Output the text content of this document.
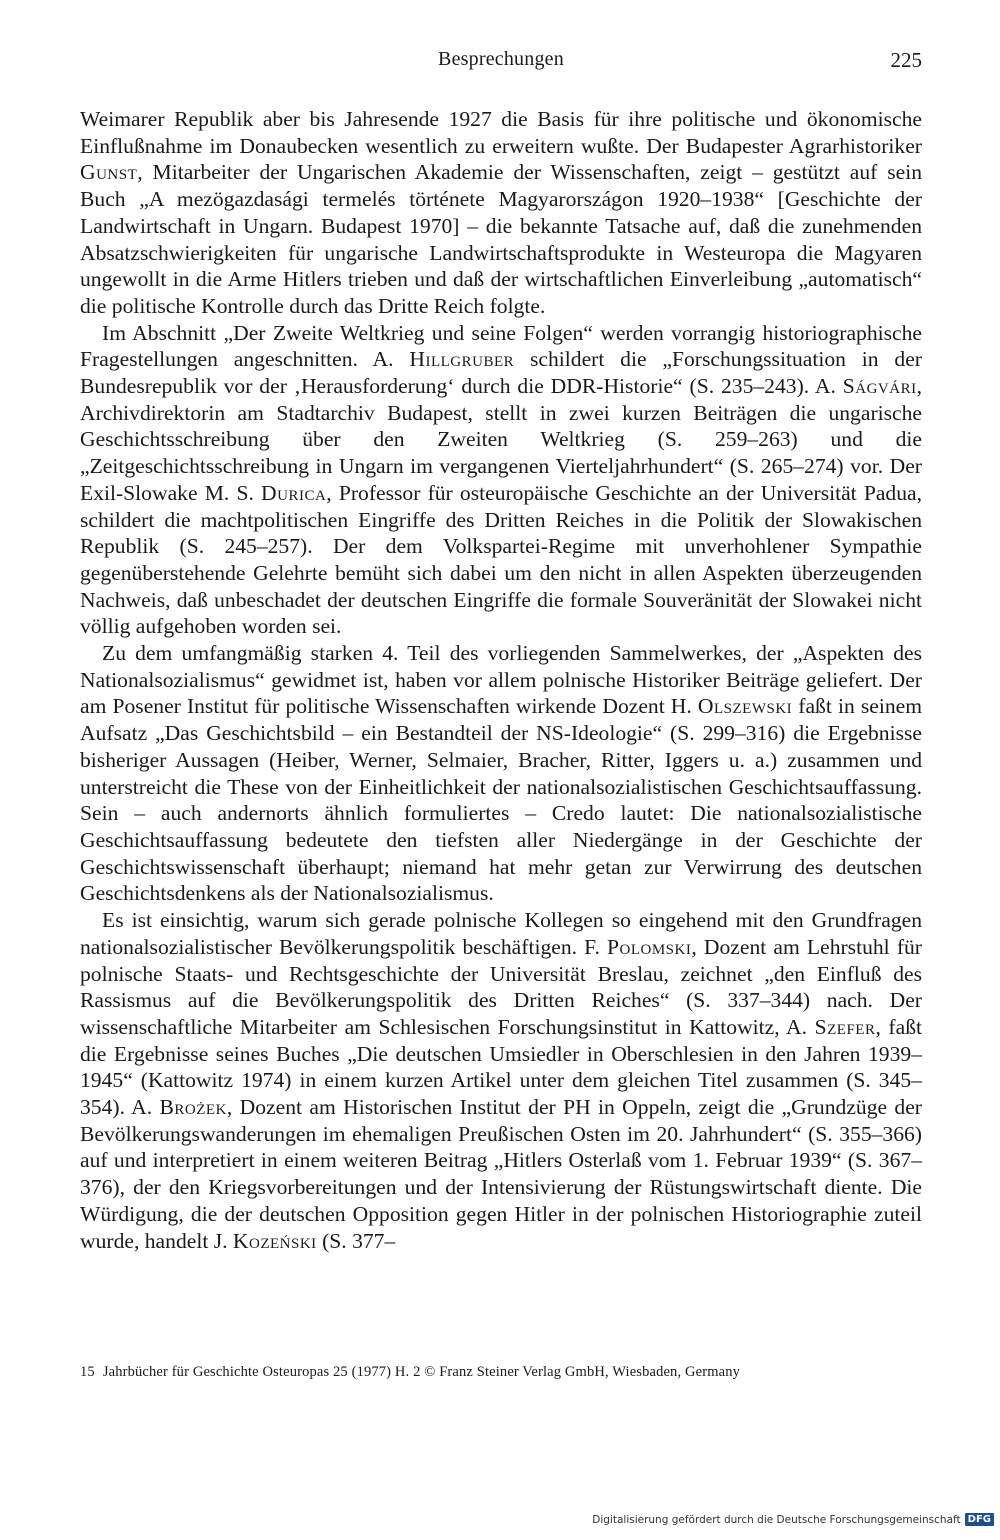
Besprechungen	225

Weimarer Republik aber bis Jahresende 1927 die Basis für ihre politische und ökonomische Einflußnahme im Donaubecken wesentlich zu erweitern wußte. Der Budapester Agrarhistoriker Gunst, Mitarbeiter der Ungarischen Akademie der Wissenschaften, zeigt – gestützt auf sein Buch „A mezögazdasági termelés története Magyarországon 1920–1938“ [Geschichte der Landwirtschaft in Ungarn. Budapest 1970] – die bekannte Tatsache auf, daß die zunehmenden Absatzschwierigkeiten für ungarische Landwirtschaftsprodukte in Westeuropa die Magyaren ungewollt in die Arme Hitlers trieben und daß der wirtschaftlichen Einverleibung „automatisch“ die politische Kontrolle durch das Dritte Reich folgte.

Im Abschnitt „Der Zweite Weltkrieg und seine Folgen“ werden vorrangig historiographische Fragestellungen angeschnitten. A. Hillgruber schildert die „Forschungssituation in der Bundesrepublik vor der ‚Herausforderung‘ durch die DDR-Historie“ (S. 235–243). A. Ságvári, Archivdirektorin am Stadtarchiv Budapest, stellt in zwei kurzen Beiträgen die ungarische Geschichtsschreibung über den Zweiten Weltkrieg (S. 259–263) und die „Zeitgeschichtsschreibung in Ungarn im vergangenen Vierteljahrhundert“ (S. 265–274) vor. Der Exil-Slowake M. S. Durica, Professor für osteuropäische Geschichte an der Universität Padua, schildert die machtpolitischen Eingriffe des Dritten Reiches in die Politik der Slowakischen Republik (S. 245–257). Der dem Volkspartei-Regime mit unverhohlener Sympathie gegenüberstehende Gelehrte bemüht sich dabei um den nicht in allen Aspekten überzeugenden Nachweis, daß unbeschadet der deutschen Eingriffe die formale Souveränität der Slowakei nicht völlig aufgehoben worden sei.

Zu dem umfangmäßig starken 4. Teil des vorliegenden Sammelwerkes, der „Aspekten des Nationalsozialismus“ gewidmet ist, haben vor allem polnische Historiker Beiträge geliefert. Der am Posener Institut für politische Wissenschaften wirkende Dozent H. Olszewski faßt in seinem Aufsatz „Das Geschichtsbild – ein Bestandteil der NS-Ideologie“ (S. 299–316) die Ergebnisse bisheriger Aussagen (Heiber, Werner, Selmaier, Bracher, Ritter, Iggers u. a.) zusammen und unterstreicht die These von der Einheitlichkeit der nationalsozialistischen Geschichtsauffassung. Sein – auch andernorts ähnlich formuliertes – Credo lautet: Die nationalsozialistische Geschichtsauffassung bedeutete den tiefsten aller Niedergänge in der Geschichte der Geschichtswissenschaft überhaupt; niemand hat mehr getan zur Verwirrung des deutschen Geschichtsdenkens als der Nationalsozialismus.

Es ist einsichtig, warum sich gerade polnische Kollegen so eingehend mit den Grundfragen nationalsozialistischer Bevölkerungspolitik beschäftigen. F. Polomski, Dozent am Lehrstuhl für polnische Staats- und Rechtsgeschichte der Universität Breslau, zeichnet „den Einfluß des Rassismus auf die Bevölkerungspolitik des Dritten Reiches“ (S. 337–344) nach. Der wissenschaftliche Mitarbeiter am Schlesischen Forschungsinstitut in Kattowitz, A. Szefer, faßt die Ergebnisse seines Buches „Die deutschen Umsiedler in Oberschlesien in den Jahren 1939–1945“ (Kattowitz 1974) in einem kurzen Artikel unter dem gleichen Titel zusammen (S. 345–354). A. Brożek, Dozent am Historischen Institut der PH in Oppeln, zeigt die „Grundzüge der Bevölkerungswanderungen im ehemaligen Preußischen Osten im 20. Jahrhundert“ (S. 355–366) auf und interpretiert in einem weiteren Beitrag „Hitlers Osterlaß vom 1. Februar 1939“ (S. 367–376), der den Kriegsvorbereitungen und der Intensivierung der Rüstungswirtschaft diente. Die Würdigung, die der deutschen Opposition gegen Hitler in der polnischen Historiographie zuteil wurde, handelt J. Kozeński (S. 377–

15 Jahrbücher für Geschichte Osteuropas 25 (1977) H. 2 © Franz Steiner Verlag GmbH, Wiesbaden, Germany
Digitalisierung gefördert durch die Deutsche Forschungsgemeinschaft DFG
